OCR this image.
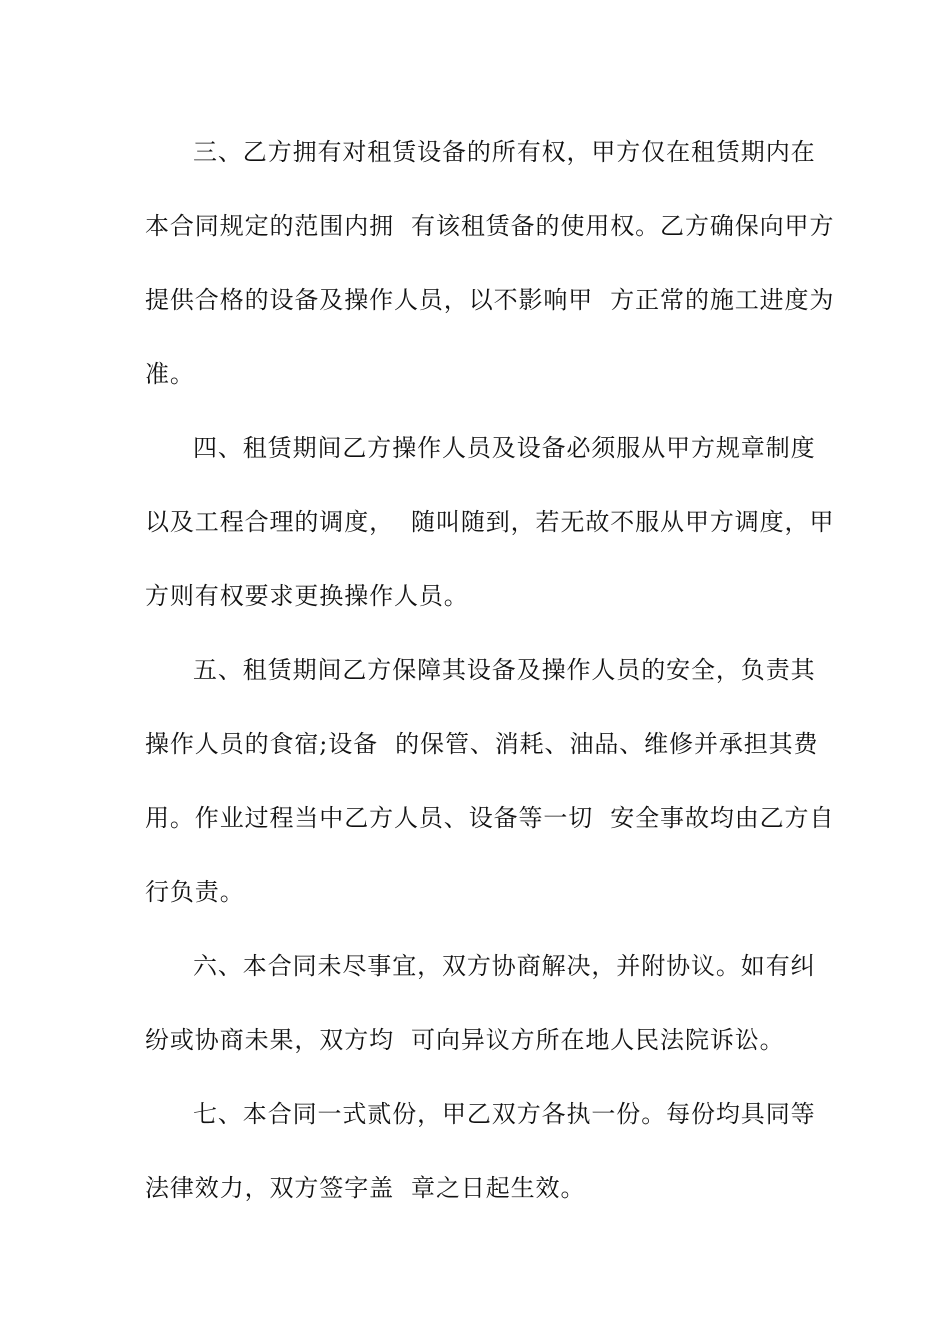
三、乙方拥有对租赁设备的所有权，甲方仅在租赁期内在
本合同规定的范围内拥  有该租赁备的使用权。乙方确保向甲方
提供合格的设备及操作人员，以不影响甲  方正常的施工进度为
准。
四、租赁期间乙方操作人员及设备必须服从甲方规章制度
以及工程合理的调度，  随叫随到，若无故不服从甲方调度，甲
方则有权要求更换操作人员。
五、租赁期间乙方保障其设备及操作人员的安全，负责其
操作人员的食宿;设备  的保管、消耗、油品、维修并承担其费
用。作业过程当中乙方人员、设备等一切  安全事故均由乙方自
行负责。
六、本合同未尽事宜，双方协商解决，并附协议。如有纠
纷或协商未果，双方均  可向异议方所在地人民法院诉讼。
七、本合同一式贰份，甲乙双方各执一份。每份均具同等
法律效力，双方签字盖  章之日起生效。
